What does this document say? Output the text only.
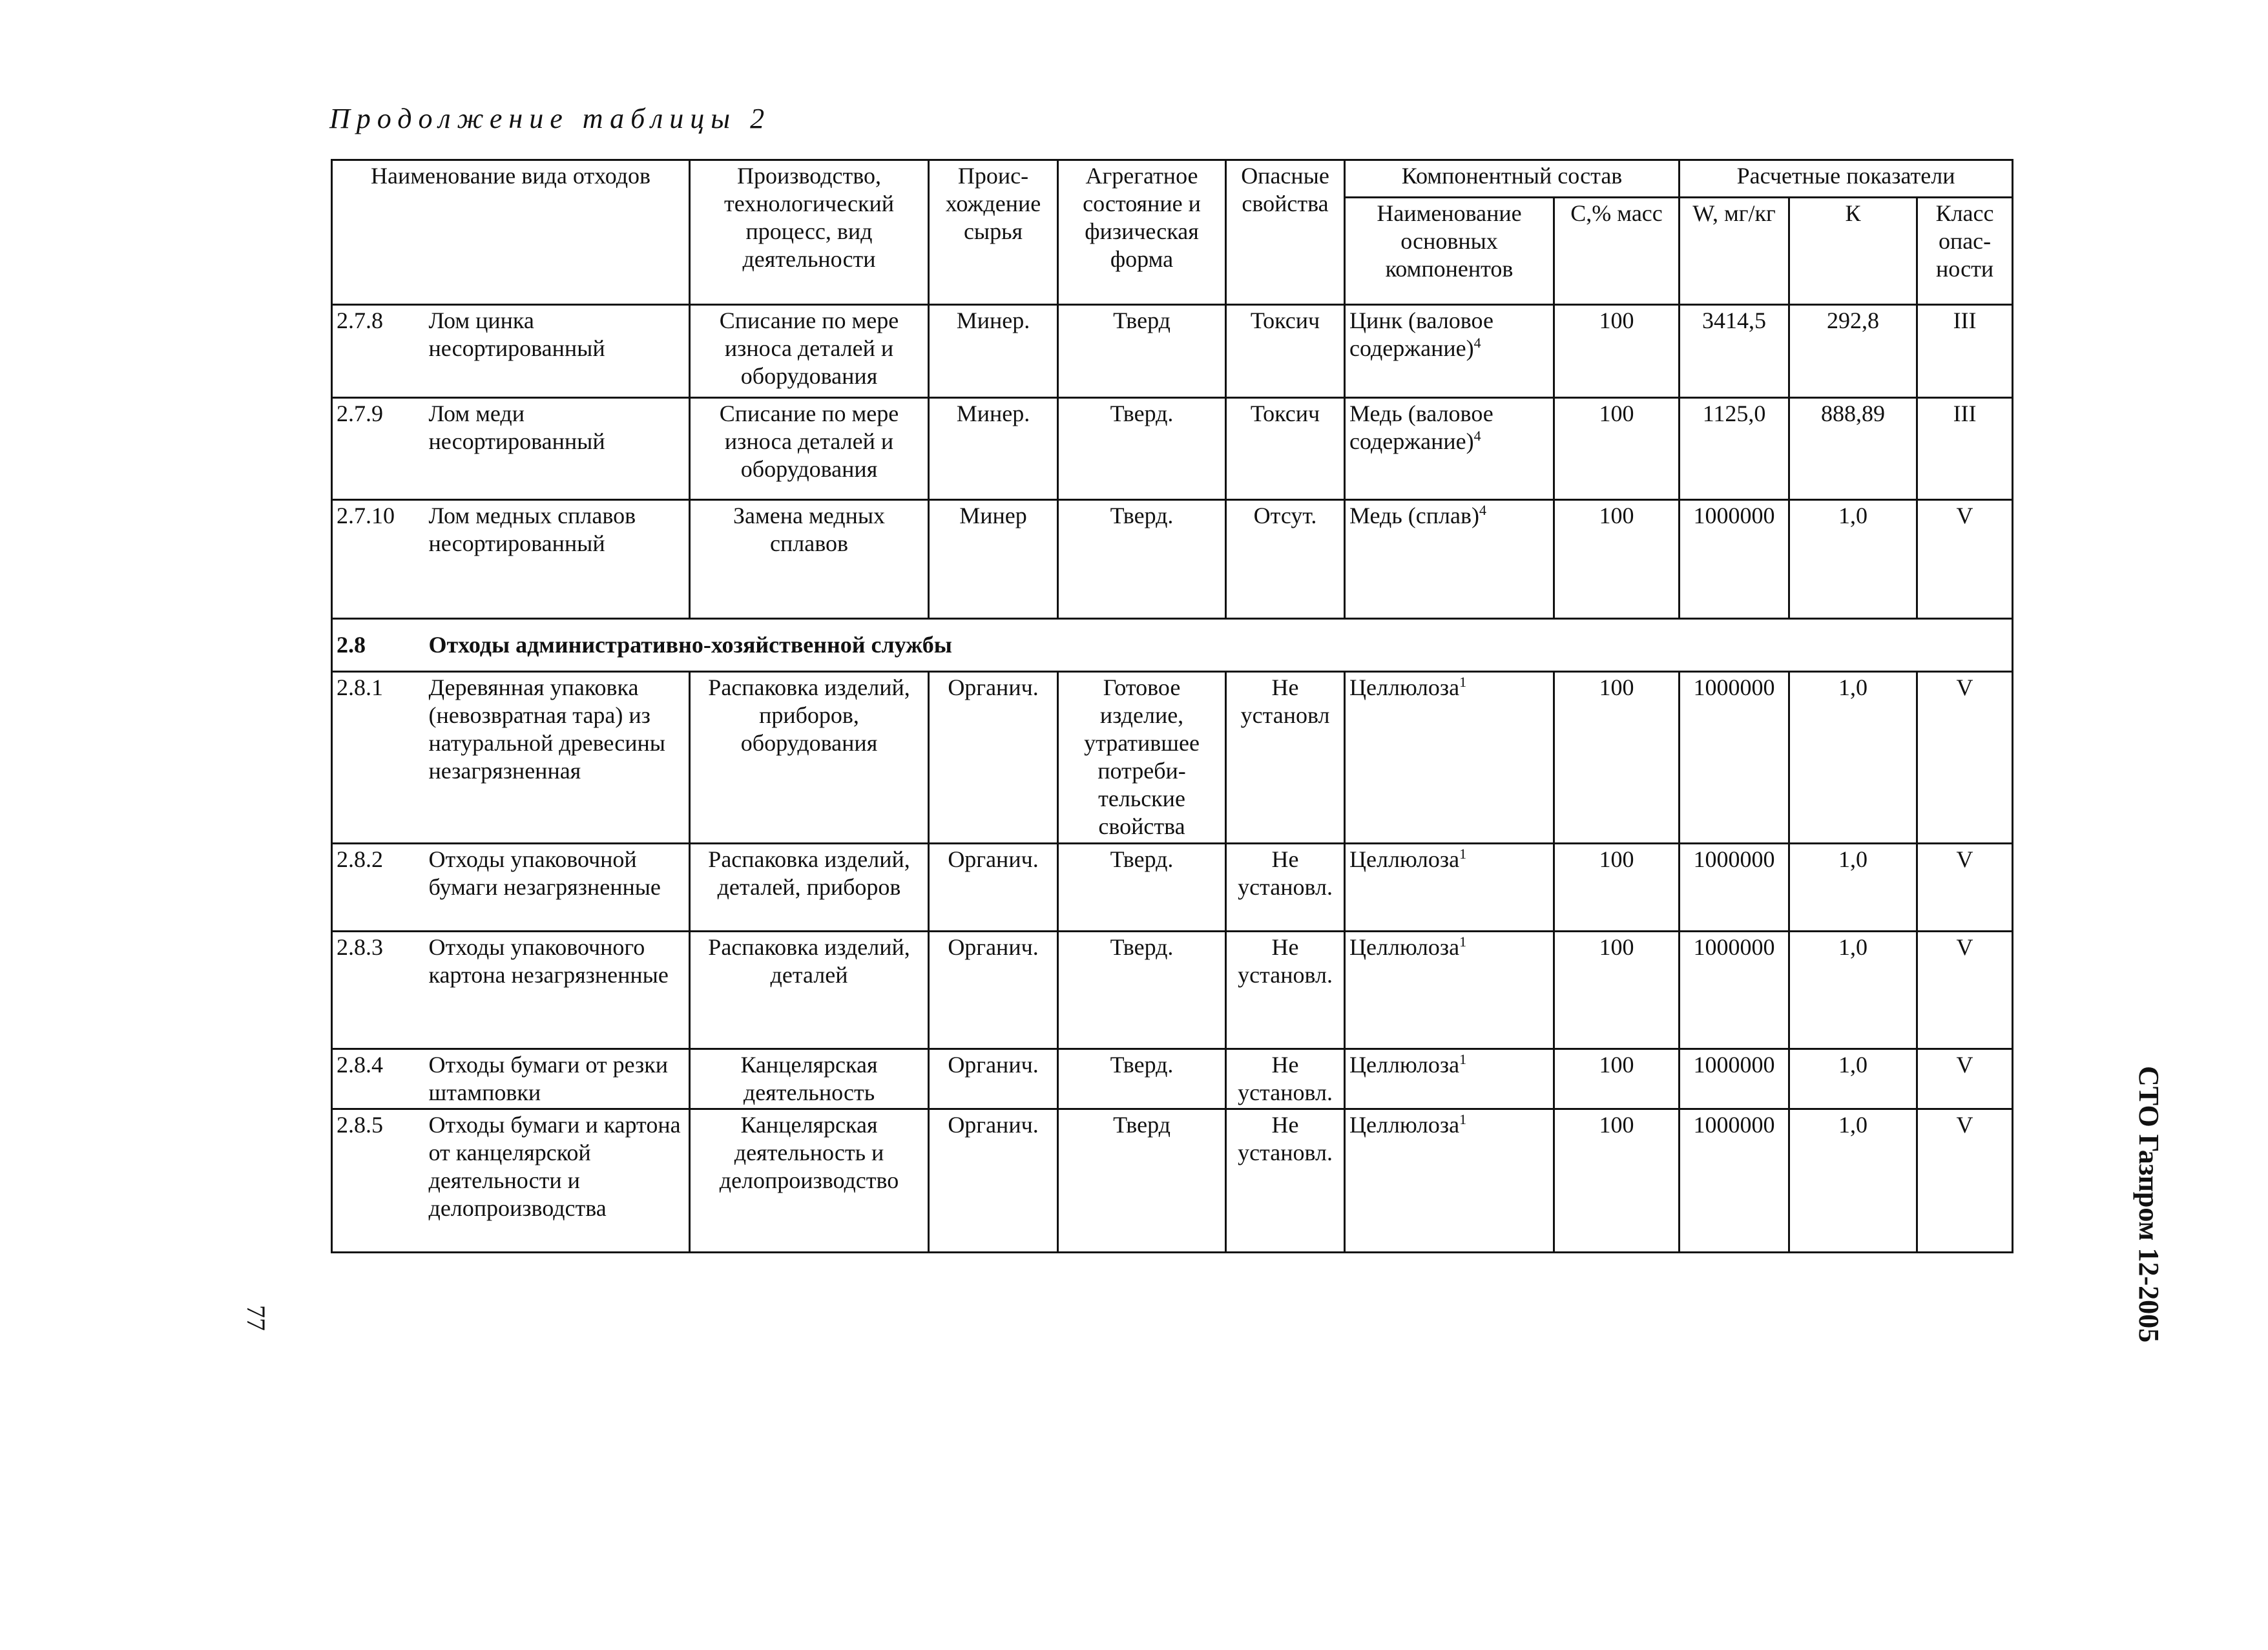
Продолжение таблицы 2
Наименование вида отходов		Производство, технологический процесс, вид деятельности	Проис-хождение сырья	Агрегатное состояние и физическая форма	Опасные свойства	Компонентный состав		Расчетные показатели		
						Наименование основных компонентов	С,% масс	W, мг/кг	К	Класс опас-ности
2.7.8	Лом цинка несортированный	Списание по мере износа деталей и оборудования	Минер.	Тверд	Токсич	Цинк (валовое содержание)$^4$	100	3414,5	292,8	III
2.7.9	Лом меди несортированный	Списание по мере износа деталей и оборудования	Минер.	Тверд.	Токсич	Медь (валовое содержание)$^4$	100	1125,0	888,89	III
2.7.10	Лом медных сплавов несортированный	Замена медных сплавов	Минер	Тверд.	Отсут.	Медь (сплав)$^4$	100	1000000	1,0	V
2.8	Отходы административно-хозяйственной службы									
2.8.1	Деревянная упаковка (невозвратная тара) из натуральной древесины незагрязненная	Распаковка изделий, приборов, оборудования	Органич.	Готовое изделие, утратившее потреби-тельские свойства	Не установл	Целлюлоза$^1$	100	1000000	1,0	V
2.8.2	Отходы упаковочной бумаги незагрязненные	Распаковка изделий, деталей, приборов	Органич.	Тверд.	Не установл.	Целлюлоза$^1$	100	1000000	1,0	V
2.8.3	Отходы упаковочного картона незагрязненные	Распаковка изделий, деталей	Органич.	Тверд.	Не установл.	Целлюлоза$^1$	100	1000000	1,0	V
2.8.4	Отходы бумаги от резки штамповки	Канцелярская деятельность	Органич.	Тверд.	Не установл.	Целлюлоза$^1$	100	1000000	1,0	V
2.8.5	Отходы бумаги и картона от канцелярской деятельности и делопроизводства	Канцелярская деятельность и делопроизводство	Органич.	Тверд	Не установл.	Целлюлоза$^1$	100	1000000	1,0	V
77	СТО Газпром 12-2005
